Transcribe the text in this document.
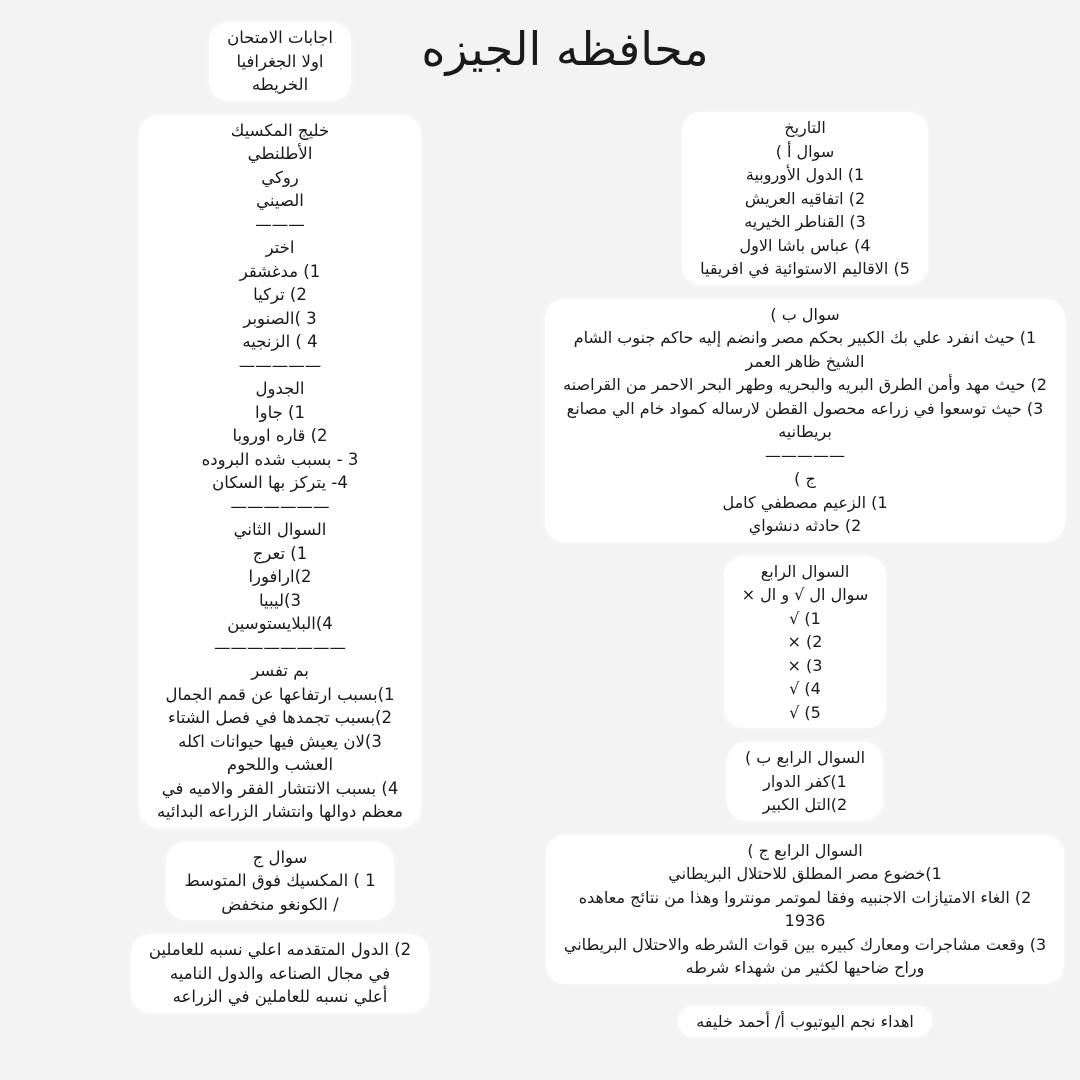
محافظه الجيزه
اجابات الامتحان
اولا الجغرافيا
الخريطه
خليج المكسيك
الأطلنطي
روكي
الصيني
———
اختر
1) مدغشقر
2) تركيا
3 )الصنوبر
4 ) الزنجيه
—————
الجدول
1) جاوا
2) قاره اوروبا
3 - بسبب شده البروده
4- يتركز بها السكان
——————
السوال الثاني
1) تعرج
2)ارافورا
3)ليبيا
4)البلايستوسين
————————
بم تفسر
1)بسبب ارتفاعها عن قمم الجمال
2)بسبب تجمدها في فصل الشتاء
3)لان يعيش فيها حيوانات اكله
العشب واللحوم
4) بسبب الانتشار الفقر والاميه في
معظم دوالها وانتشار الزراعه البدائيه
سوال ج
1 ) المكسيك فوق المتوسط
/ الكونغو منخفض
2) الدول المتقدمه اعلي نسبه للعاملين
في مجال الصناعه والدول الناميه
أعلي نسبه للعاملين في الزراعه
التاريخ
سوال أ )
1) الدول الأوروبية
2) اتفاقيه العريش
3) القناطر الخيريه
4) عباس باشا الاول
5) الاقاليم الاستوائية في افريقيا
سوال ب )
1) حيث انفرد علي بك الكبير بحكم مصر وانضم إليه حاكم جنوب الشام
الشيخ ظاهر العمر
2) حيث مهد وأمن الطرق البريه والبحريه وطهر البحر الاحمر من القراصنه
3) حيث توسعوا في زراعه محصول القطن لارساله كمواد خام الي مصانع
بريطانيه
—————
ج )
1) الزعيم مصطفي كامل
2) حادثه دنشواي
السوال الرابع
سوال ال √ و ال ×
1) √
2) ×
3) ×
4) √
5) √
السوال الرابع ب )
1)كفر الدوار
2)التل الكبير
السوال الرابع ج )
1)خضوع مصر المطلق للاحتلال البريطاني
2) الغاء الامتيازات الاجنبيه وفقا لموتمر مونتروا وهذا من نتائج معاهده
1936
3) وقعت مشاجرات ومعارك كبيره بين قوات الشرطه والاحتلال البريطاني
وراح ضاحيها لكثير من شهداء شرطه
اهداء نجم اليوتيوب أ/ أحمد خليفه
